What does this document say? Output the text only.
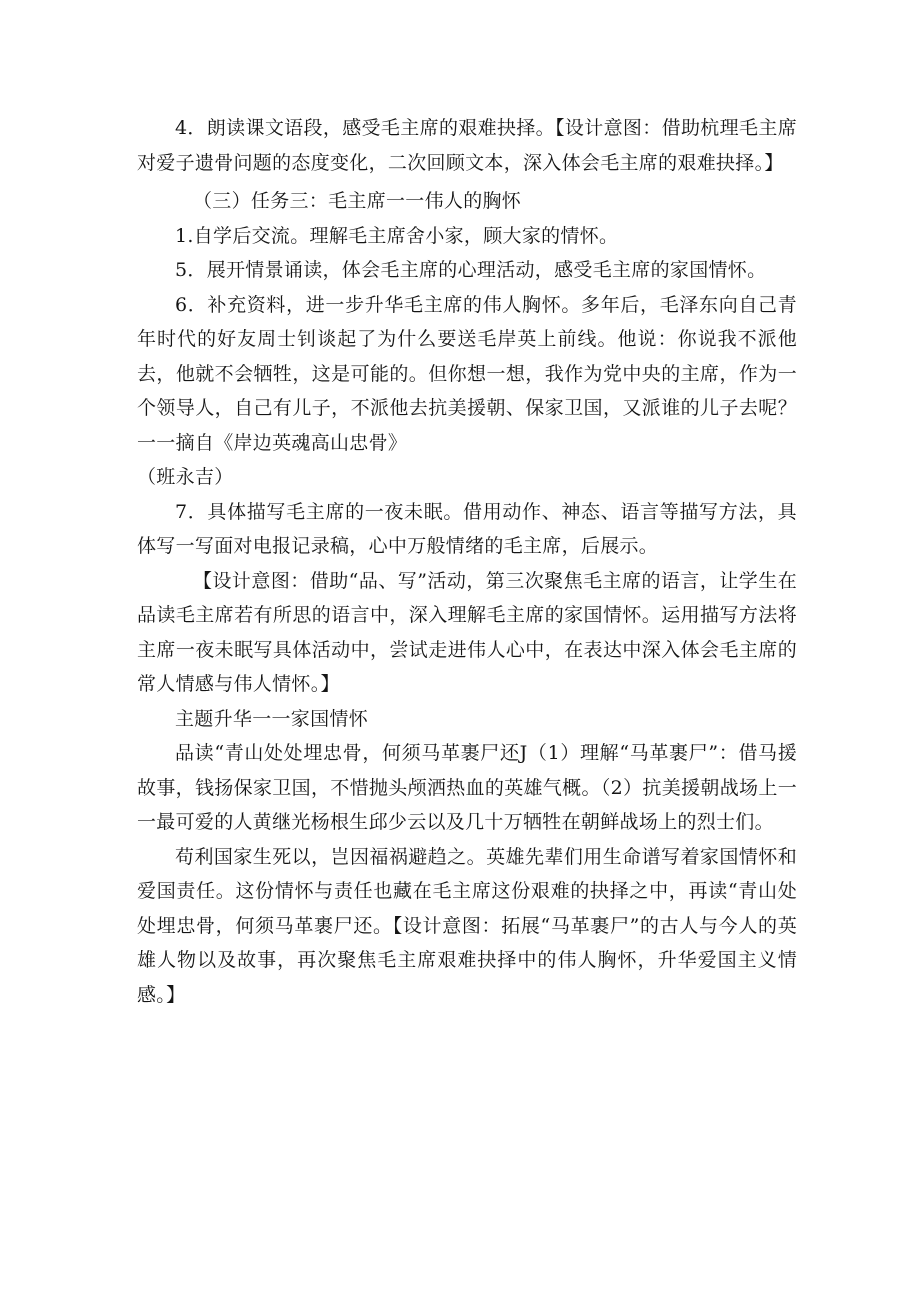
4．朗读课文语段，感受毛主席的艰难抉择。【设计意图：借助杭理毛主席对爱子遗骨问题的态度变化，二次回顾文本，深入体会毛主席的艰难抉择。】

（三）任务三：毛主席一一伟人的胸怀

1.自学后交流。理解毛主席舍小家，顾大家的情怀。

5．展开情景诵读，体会毛主席的心理活动，感受毛主席的家国情怀。

6．补充资料，进一步升华毛主席的伟人胸怀。多年后，毛泽东向自己青年时代的好友周士钊谈起了为什么要送毛岸英上前线。他说：你说我不派他去，他就不会牺牲，这是可能的。但你想一想，我作为党中央的主席，作为一个领导人，自己有儿子，不派他去抗美援朝、保家卫国，又派谁的儿子去呢？一一摘自《岸边英魂高山忠骨》

（班永吉）

7．具体描写毛主席的一夜未眠。借用动作、神态、语言等描写方法，具体写一写面对电报记录稿，心中万般情绪的毛主席，后展示。

【设计意图：借助“品、写”活动，第三次聚焦毛主席的语言，让学生在品读毛主席若有所思的语言中，深入理解毛主席的家国情怀。运用描写方法将主席一夜未眠写具体活动中，尝试走进伟人心中，在表达中深入体会毛主席的常人情感与伟人情怀。】

主题升华一一家国情怀

品读“青山处处埋忠骨，何须马革裹尸还J（1）理解“马革裹尸”：借马援故事，钱扬保家卫国，不惜抛头颅洒热血的英雄气概。（2）抗美援朝战场上一一最可爱的人黄继光杨根生邱少云以及几十万牺牲在朝鲜战场上的烈士们。

苟利国家生死以，岂因福祸避趋之。英雄先辈们用生命谱写着家国情怀和爱国责任。这份情怀与责任也藏在毛主席这份艰难的抉择之中，再读“青山处处埋忠骨，何须马革裹尸还。【设计意图：拓展“马革裹尸”的古人与今人的英雄人物以及故事，再次聚焦毛主席艰难抉择中的伟人胸怀，升华爱国主义情感。】
